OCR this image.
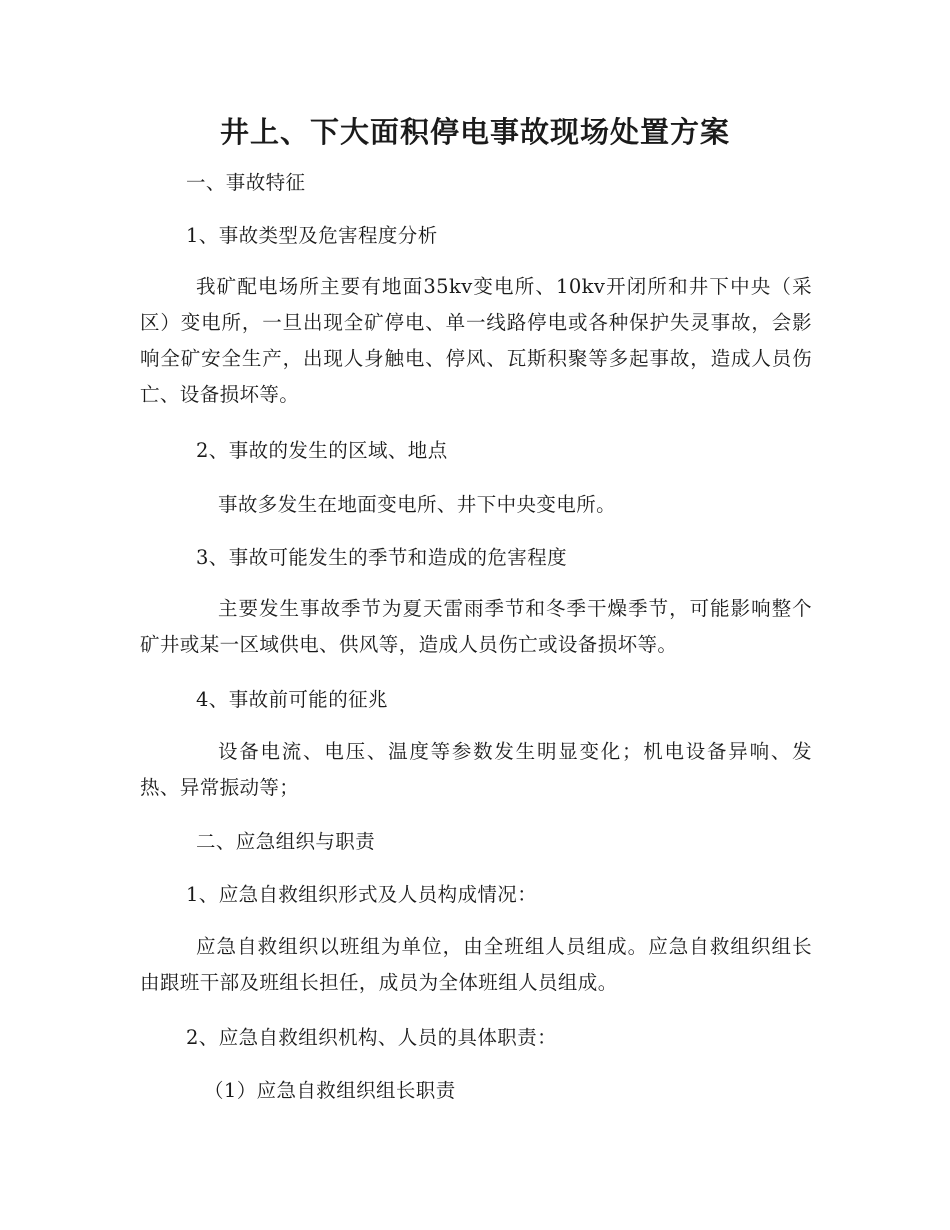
井上、下大面积停电事故现场处置方案
一、事故特征
1、事故类型及危害程度分析
我矿配电场所主要有地面35kv变电所、10kv开闭所和井下中央（采区）变电所，一旦出现全矿停电、单一线路停电或各种保护失灵事故，会影响全矿安全生产，出现人身触电、停风、瓦斯积聚等多起事故，造成人员伤亡、设备损坏等。
2、事故的发生的区域、地点
事故多发生在地面变电所、井下中央变电所。
3、事故可能发生的季节和造成的危害程度
主要发生事故季节为夏天雷雨季节和冬季干燥季节，可能影响整个矿井或某一区域供电、供风等，造成人员伤亡或设备损坏等。
4、事故前可能的征兆
设备电流、电压、温度等参数发生明显变化；机电设备异响、发热、异常振动等；
二、应急组织与职责
1、应急自救组织形式及人员构成情况：
应急自救组织以班组为单位，由全班组人员组成。应急自救组织组长由跟班干部及班组长担任，成员为全体班组人员组成。
2、应急自救组织机构、人员的具体职责：
（1）应急自救组织组长职责
